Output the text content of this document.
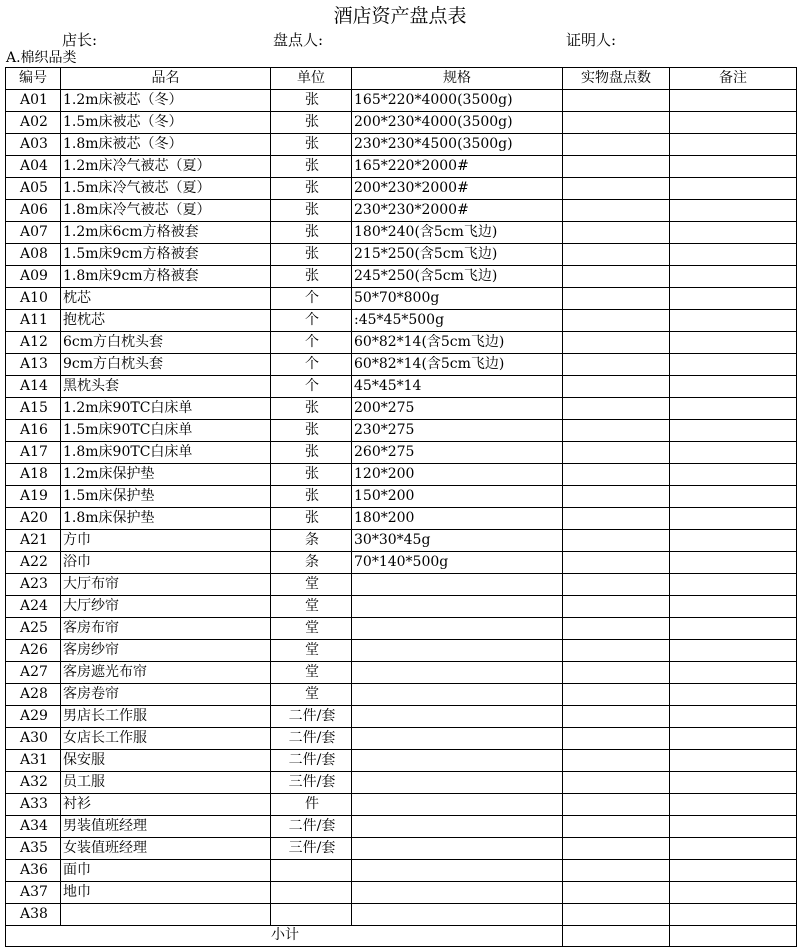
酒店资产盘点表
店长:	盘点人:	证明人:
A.棉织品类
编号	品名	单位	规格	实物盘点数	备注
A01	1.2m床被芯（冬）	张	165*220*4000(3500g)		
A02	1.5m床被芯（冬）	张	200*230*4000(3500g)		
A03	1.8m床被芯（冬）	张	230*230*4500(3500g)		
A04	1.2m床冷气被芯（夏）	张	165*220*2000#		
A05	1.5m床冷气被芯（夏）	张	200*230*2000#		
A06	1.8m床冷气被芯（夏）	张	230*230*2000#		
A07	1.2m床6cm方格被套	张	180*240(含5cm飞边)		
A08	1.5m床9cm方格被套	张	215*250(含5cm飞边)		
A09	1.8m床9cm方格被套	张	245*250(含5cm飞边)		
A10	枕芯	个	50*70*800g		
A11	抱枕芯	个	:45*45*500g		
A12	6cm方白枕头套	个	60*82*14(含5cm飞边)		
A13	9cm方白枕头套	个	60*82*14(含5cm飞边)		
A14	黑枕头套	个	45*45*14		
A15	1.2m床90TC白床单	张	200*275		
A16	1.5m床90TC白床单	张	230*275		
A17	1.8m床90TC白床单	张	260*275		
A18	1.2m床保护垫	张	120*200		
A19	1.5m床保护垫	张	150*200		
A20	1.8m床保护垫	张	180*200		
A21	方巾	条	30*30*45g		
A22	浴巾	条	70*140*500g		
A23	大厅布帘	堂			
A24	大厅纱帘	堂			
A25	客房布帘	堂			
A26	客房纱帘	堂			
A27	客房遮光布帘	堂			
A28	客房卷帘	堂			
A29	男店长工作服	二件/套			
A30	女店长工作服	二件/套			
A31	保安服	二件/套			
A32	员工服	三件/套			
A33	衬衫	件			
A34	男装值班经理	二件/套			
A35	女装值班经理	三件/套			
A36	面巾				
A37	地巾				
A38					
小计					
